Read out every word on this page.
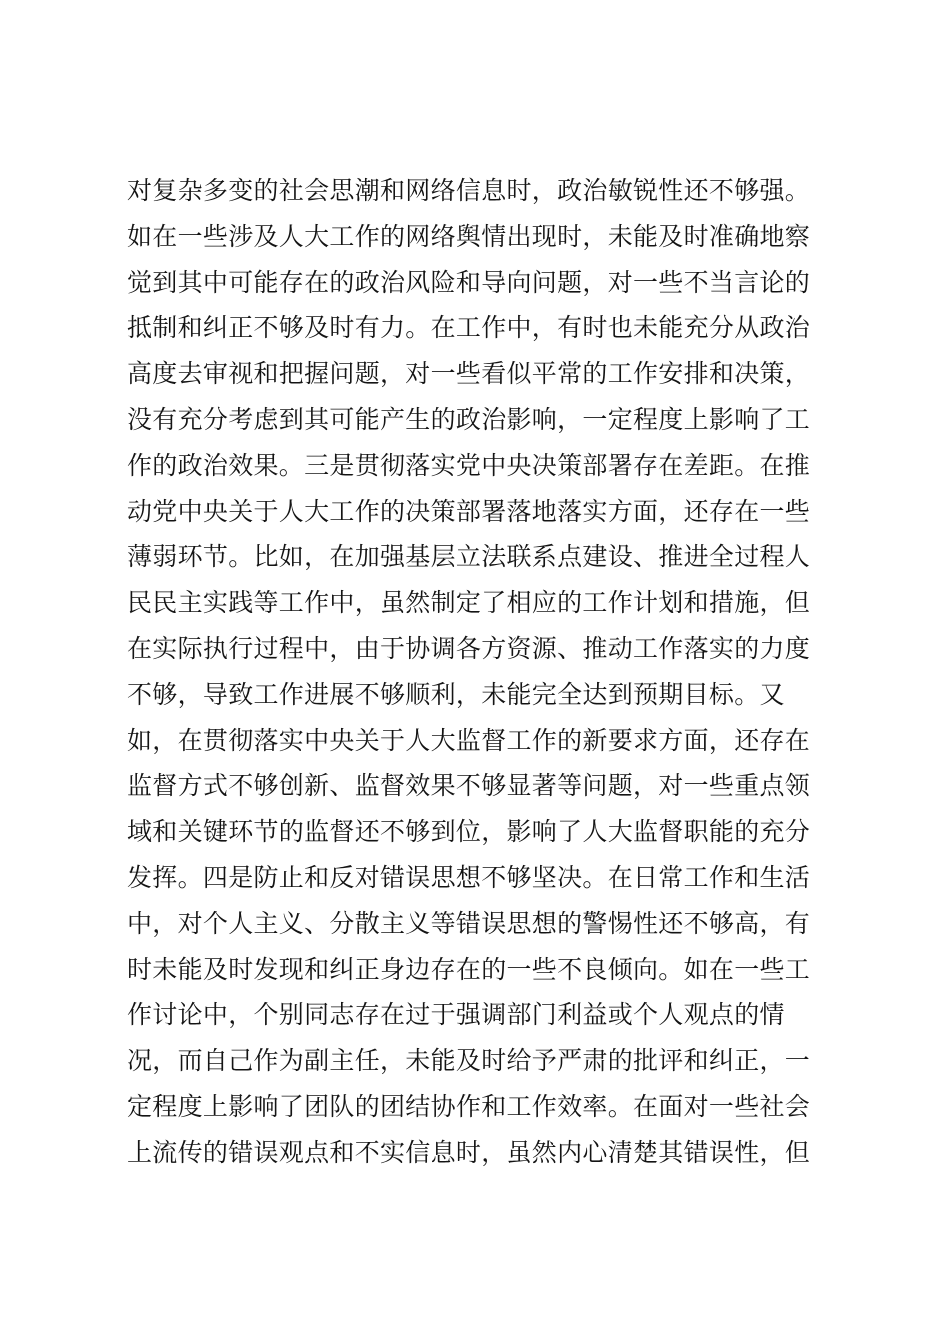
对复杂多变的社会思潮和网络信息时，政治敏锐性还不够强。
如在一些涉及人大工作的网络舆情出现时，未能及时准确地察
觉到其中可能存在的政治风险和导向问题，对一些不当言论的
抵制和纠正不够及时有力。在工作中，有时也未能充分从政治
高度去审视和把握问题，对一些看似平常的工作安排和决策，
没有充分考虑到其可能产生的政治影响，一定程度上影响了工
作的政治效果。三是贯彻落实党中央决策部署存在差距。在推
动党中央关于人大工作的决策部署落地落实方面，还存在一些
薄弱环节。比如，在加强基层立法联系点建设、推进全过程人
民民主实践等工作中，虽然制定了相应的工作计划和措施，但
在实际执行过程中，由于协调各方资源、推动工作落实的力度
不够，导致工作进展不够顺利，未能完全达到预期目标。又
如，在贯彻落实中央关于人大监督工作的新要求方面，还存在
监督方式不够创新、监督效果不够显著等问题，对一些重点领
域和关键环节的监督还不够到位，影响了人大监督职能的充分
发挥。四是防止和反对错误思想不够坚决。在日常工作和生活
中，对个人主义、分散主义等错误思想的警惕性还不够高，有
时未能及时发现和纠正身边存在的一些不良倾向。如在一些工
作讨论中，个别同志存在过于强调部门利益或个人观点的情
况，而自己作为副主任，未能及时给予严肃的批评和纠正，一
定程度上影响了团队的团结协作和工作效率。在面对一些社会
上流传的错误观点和不实信息时，虽然内心清楚其错误性，但
